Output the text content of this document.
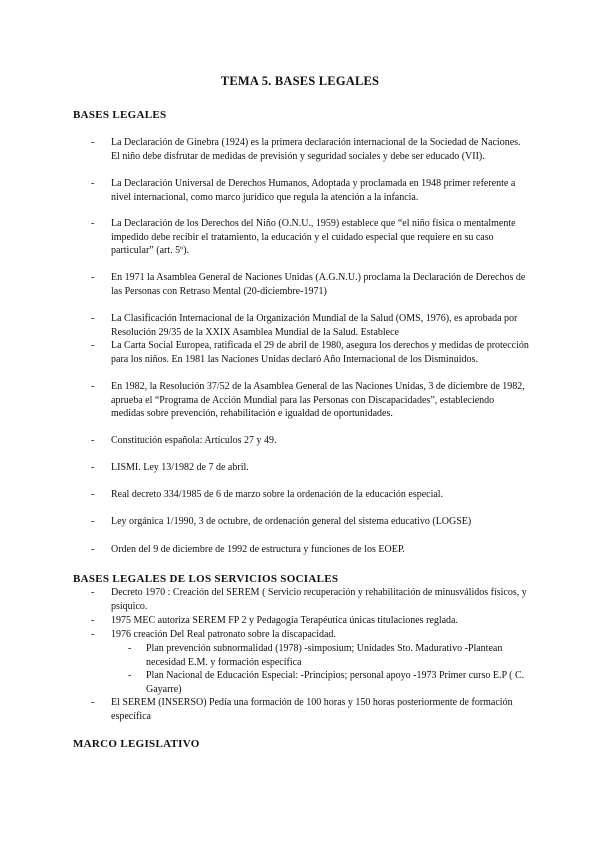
TEMA 5. BASES LEGALES
BASES LEGALES
- La Declaración de Ginebra (1924) es la primera declaración internacional de la Sociedad de Naciones. El niño debe disfrutar de medidas de previsión y seguridad sociales y debe ser educado (VII).
- La Declaración Universal de Derechos Humanos, Adoptada y proclamada en 1948 primer referente a nivel internacional, como marco jurídico que regula la atención a la infancia.
- La Declaración de los Derechos del Niño (O.N.U., 1959) establece que “el niño física o mentalmente impedido debe recibir el tratamiento, la educación y el cuidado especial que requiere en su caso particular” (art. 5º).
- En 1971 la Asamblea General de Naciones Unidas (A.G.N.U.) proclama la Declaración de Derechos de las Personas con Retraso Mental (20-diciembre-1971)
- La Clasificación Internacional de la Organización Mundial de la Salud (OMS, 1976), es aprobada por Resolución 29/35 de la XXIX Asamblea Mundial de la Salud. Establece
- La Carta Social Europea, ratificada el 29 de abril de 1980, asegura los derechos y medidas de protección para los niños. En 1981 las Naciones Unidas declaró Año Internacional de los Disminuidos.
- En 1982, la Resolución 37/52 de la Asamblea General de las Naciones Unidas, 3 de diciembre de 1982, aprueba el “Programa de Acción Mundial para las Personas con Discapacidades”, estableciendo medidas sobre prevención, rehabilitación e igualdad de oportunidades.
- Constitución española: Artículos 27 y 49.
- LISMI. Ley 13/1982 de 7 de abril.
- Real decreto 334/1985 de 6 de marzo sobre la ordenación de la educación especial.
- Ley orgánica 1/1990, 3 de octubre, de ordenación general del sistema educativo (LOGSE)
- Orden del 9 de diciembre de 1992 de estructura y funciones de los EOEP.
BASES LEGALES DE LOS SERVICIOS SOCIALES
- Decreto 1970 : Creación del SEREM ( Servicio recuperación y rehabilitación de minusválidos físicos, y psíquico.
- 1975 MEC autoriza SEREM FP 2 y Pedagogía Terapéutica únicas titulaciones reglada.
- 1976 creación Del Real patronato sobre la discapacidad.
- Plan prevención subnormalidad (1978) -simposium; Unidades Sto. Madurativo -Plantean necesidad E.M. y formación específica
- Plan Nacional de Educación Especial: -Principios; personal apoyo -1973 Primer curso E.P ( C. Gayarre)
- El SEREM (INSERSO) Pedía una formación de 100 horas y 150 horas posteriormente de formación específica
MARCO LEGISLATIVO
